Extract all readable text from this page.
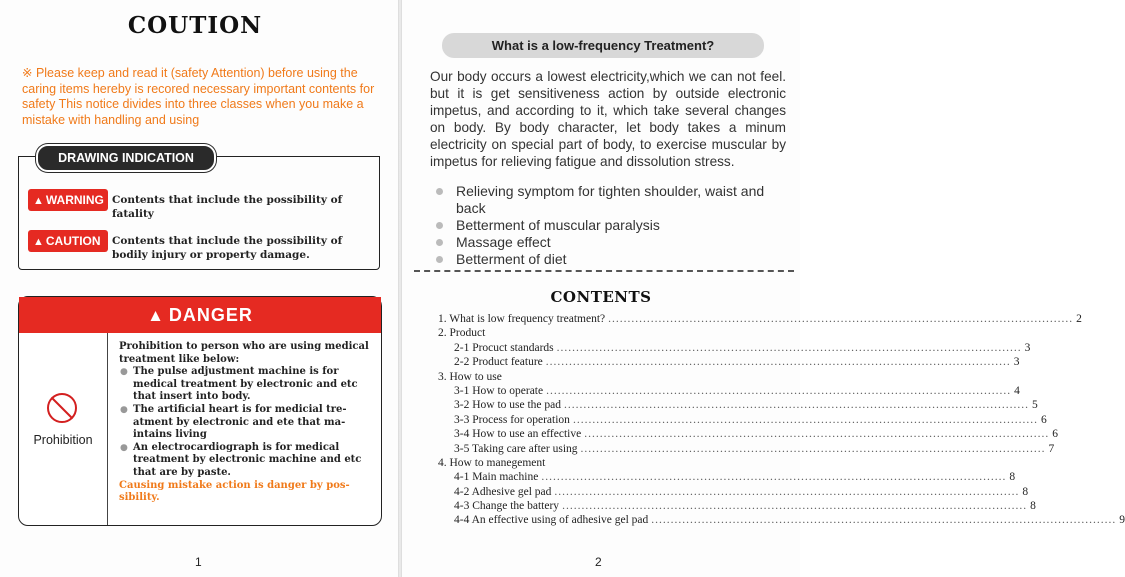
COUTION
※ Please keep and read it (safety Attention) before using the caring items hereby is recored necessary important contents for safety This notice divides into three classes when you make a mistake with handling and using
DRAWING INDICATION
▲ WARNING Contents that include the possibility of fatality
▲ CAUTION	Contents that include the possibility of bodily injury or property damage.
▲ DANGER
Prohibition
Prohibition to person who are using medical treatment like below:
● The pulse adjustment machine is for medical treatment by electronic and etc that insert into body.
● The artificial heart is for medicial tre-atment by electronic and ete that ma-intains living
● An electrocardiograph is for medical treatment by electronic machine and etc that are by paste.
Causing mistake action is danger by pos-sibility.
1
What is a low-frequency Treatment?
Our body occurs a lowest electricity,which we can not feel. but it is get sensitiveness action by outside electronic impetus, and according to it, which take several changes on body. By body character, let body takes a minum electricity on special part of body, to exercise muscular by impetus for relieving fatigue and dissolution stress.
Relieving symptom for tighten shoulder, waist and back
Betterment of muscular paralysis
Massage effect
Betterment of diet
CONTENTS
1. What is low frequency treatment? ........................................................................................................................ 2
2. Product
2-1 Procuct standards ........................................................................................................................ 3
2-2 Product feature ........................................................................................................................ 3
3. How to use
3-1 How to operate ........................................................................................................................ 4
3-2 How to use the pad ........................................................................................................................ 5
3-3 Process for operation ........................................................................................................................ 6
3-4 How to use an effective ........................................................................................................................ 6
3-5 Taking care after using ........................................................................................................................ 7
4. How to manegement
4-1 Main machine ........................................................................................................................ 8
4-2 Adhesive gel pad ........................................................................................................................ 8
4-3 Change the battery ........................................................................................................................ 8
4-4 An effective using of adhesive gel pad ........................................................................................................................ 9
2
